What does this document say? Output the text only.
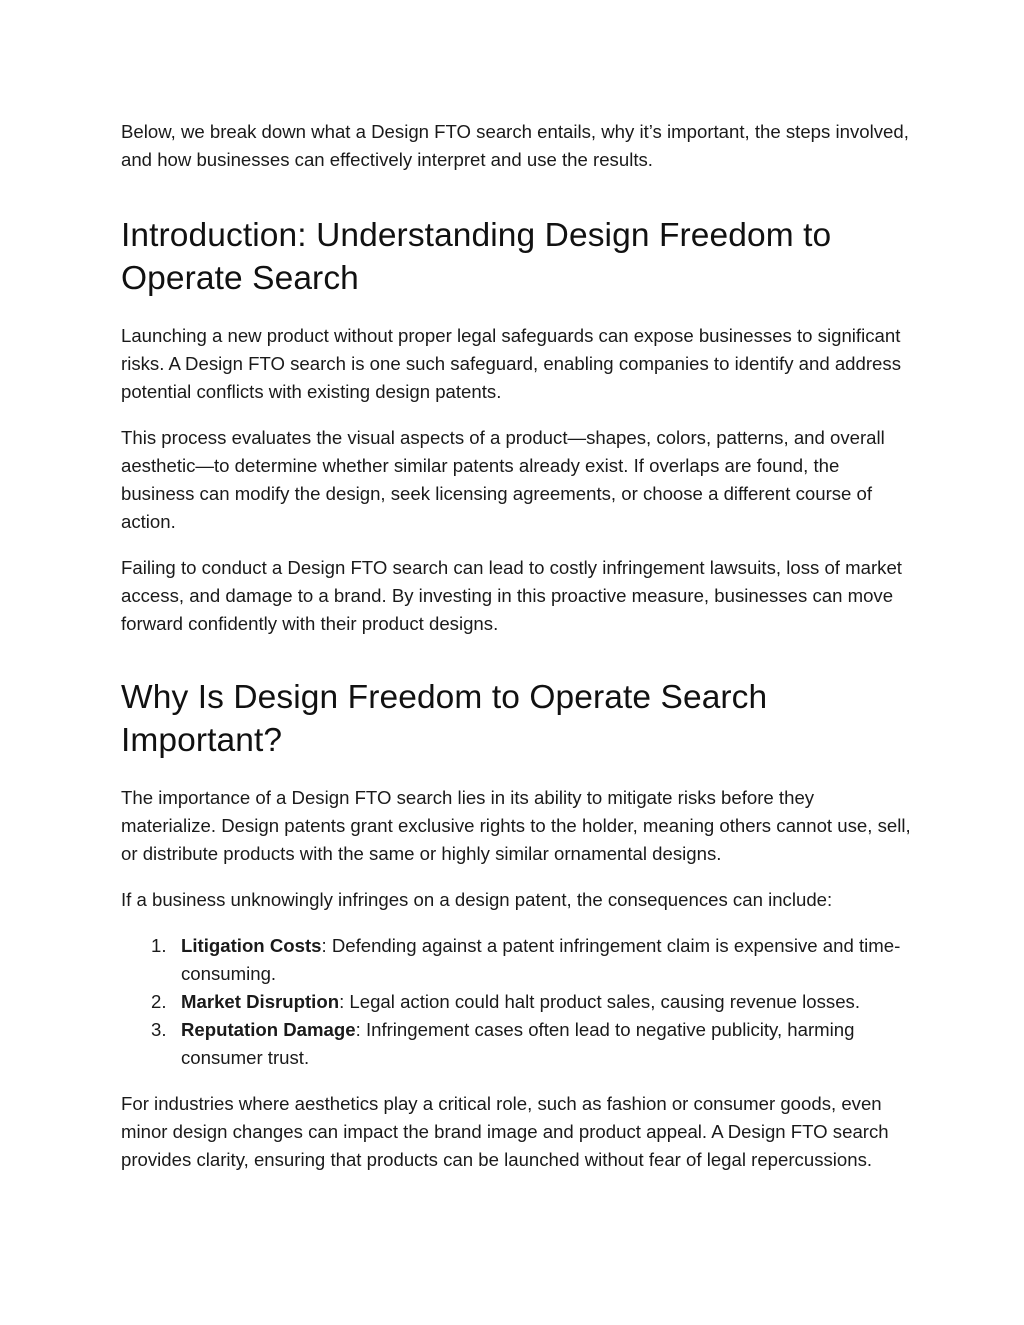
Below, we break down what a Design FTO search entails, why it’s important, the steps involved, and how businesses can effectively interpret and use the results.

Introduction: Understanding Design Freedom to Operate Search

Launching a new product without proper legal safeguards can expose businesses to significant risks. A Design FTO search is one such safeguard, enabling companies to identify and address potential conflicts with existing design patents.

This process evaluates the visual aspects of a product—shapes, colors, patterns, and overall aesthetic—to determine whether similar patents already exist. If overlaps are found, the business can modify the design, seek licensing agreements, or choose a different course of action.

Failing to conduct a Design FTO search can lead to costly infringement lawsuits, loss of market access, and damage to a brand. By investing in this proactive measure, businesses can move forward confidently with their product designs.

Why Is Design Freedom to Operate Search Important?

The importance of a Design FTO search lies in its ability to mitigate risks before they materialize. Design patents grant exclusive rights to the holder, meaning others cannot use, sell, or distribute products with the same or highly similar ornamental designs.

If a business unknowingly infringes on a design patent, the consequences can include:

1. Litigation Costs: Defending against a patent infringement claim is expensive and time-consuming.
2. Market Disruption: Legal action could halt product sales, causing revenue losses.
3. Reputation Damage: Infringement cases often lead to negative publicity, harming consumer trust.

For industries where aesthetics play a critical role, such as fashion or consumer goods, even minor design changes can impact the brand image and product appeal. A Design FTO search provides clarity, ensuring that products can be launched without fear of legal repercussions.
